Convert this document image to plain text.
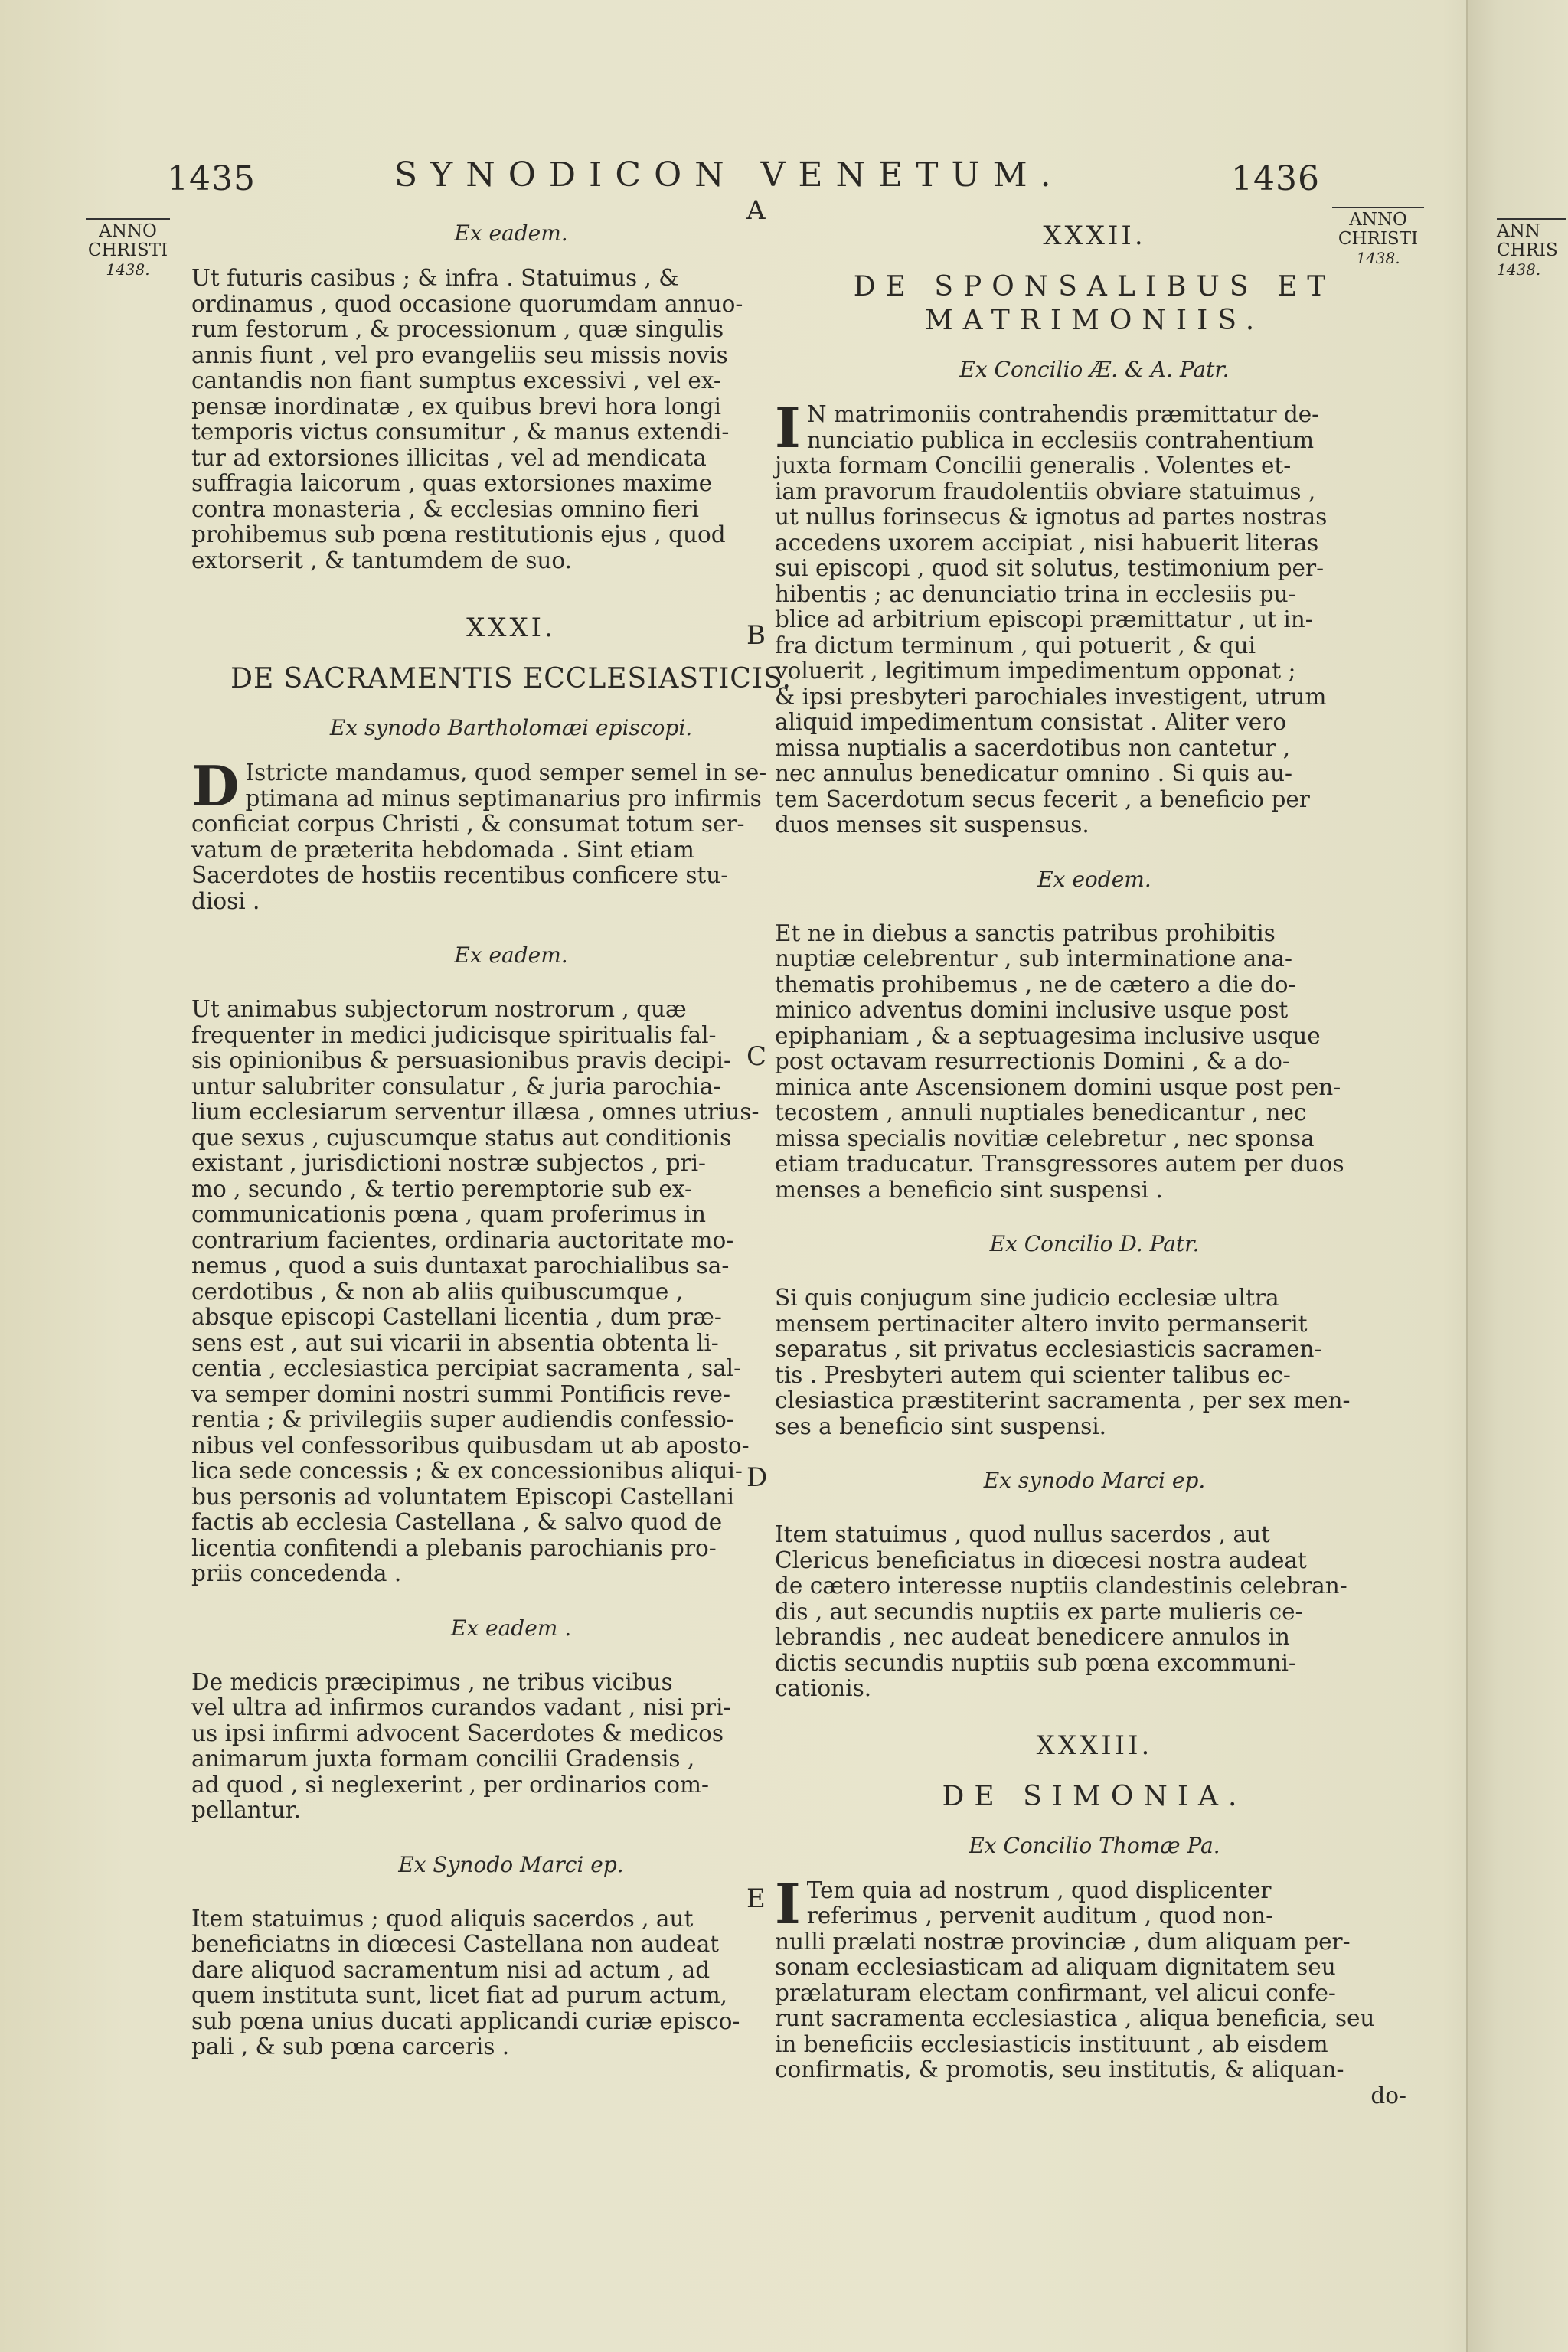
1435	SYNODICON VENETUM.	1436
ANNO
CHRISTI
1438.
ANNO
CHRISTI
1438.
ANN
CHRIS
1438.
A
B
C
D
E
Ex eadem.
Ut futuris casibus ; & infra . Statuimus , &
ordinamus , quod occasione quorumdam annuo-
rum festorum , & processionum , quæ singulis
annis fiunt , vel pro evangeliis seu missis novis
cantandis non fiant sumptus excessivi , vel ex-
pensæ inordinatæ , ex quibus brevi hora longi
temporis victus consumitur , & manus extendi-
tur ad extorsiones illicitas , vel ad mendicata
suffragia laicorum , quas extorsiones maxime
contra monasteria , & ecclesias omnino fieri
prohibemus sub pœna restitutionis ejus , quod
extorserit , & tantumdem de suo.
XXXI.
DE SACRAMENTIS ECCLESIASTICIS.
Ex synodo Bartholomæi episcopi.
D Istricte mandamus, quod semper semel in se-
ptimana ad minus septimanarius pro infirmis
conficiat corpus Christi , & consumat totum ser-
vatum de præterita hebdomada . Sint etiam
Sacerdotes de hostiis recentibus conficere stu-
diosi .
Ex eadem.
Ut animabus subjectorum nostrorum , quæ
frequenter in medici judicisque spiritualis fal-
sis opinionibus & persuasionibus pravis decipi-
untur salubriter consulatur , & juria parochia-
lium ecclesiarum serventur illæsa , omnes utrius-
que sexus , cujuscumque status aut conditionis
existant , jurisdictioni nostræ subjectos , pri-
mo , secundo , & tertio peremptorie sub ex-
communicationis pœna , quam proferimus in
contrarium facientes, ordinaria auctoritate mo-
nemus , quod a suis duntaxat parochialibus sa-
cerdotibus , & non ab aliis quibuscumque ,
absque episcopi Castellani licentia , dum præ-
sens est , aut sui vicarii in absentia obtenta li-
centia , ecclesiastica percipiat sacramenta , sal-
va semper domini nostri summi Pontificis reve-
rentia ; & privilegiis super audiendis confessio-
nibus vel confessoribus quibusdam ut ab aposto-
lica sede concessis ; & ex concessionibus aliqui-
bus personis ad voluntatem Episcopi Castellani
factis ab ecclesia Castellana , & salvo quod de
licentia confitendi a plebanis parochianis pro-
priis concedenda .
Ex eadem .
De medicis præcipimus , ne tribus vicibus
vel ultra ad infirmos curandos vadant , nisi pri-
us ipsi infirmi advocent Sacerdotes & medicos
animarum juxta formam concilii Gradensis ,
ad quod , si neglexerint , per ordinarios com-
pellantur.
Ex Synodo Marci ep.
Item statuimus ; quod aliquis sacerdos , aut
beneficiatns in diœcesi Castellana non audeat
dare aliquod sacramentum nisi ad actum , ad
quem instituta sunt, licet fiat ad purum actum,
sub pœna unius ducati applicandi curiæ episco-
pali , & sub pœna carceris .
XXXII.
DE SPONSALIBUS ET
MATRIMONIIS.
Ex Concilio Æ. & A. Patr.
I N matrimoniis contrahendis præmittatur de-
nunciatio publica in ecclesiis contrahentium
juxta formam Concilii generalis . Volentes et-
iam pravorum fraudolentiis obviare statuimus ,
ut nullus forinsecus & ignotus ad partes nostras
accedens uxorem accipiat , nisi habuerit literas
sui episcopi , quod sit solutus, testimonium per-
hibentis ; ac denunciatio trina in ecclesiis pu-
blice ad arbitrium episcopi præmittatur , ut in-
fra dictum terminum , qui potuerit , & qui
voluerit , legitimum impedimentum opponat ;
& ipsi presbyteri parochiales investigent, utrum
aliquid impedimentum consistat . Aliter vero
missa nuptialis a sacerdotibus non cantetur ,
nec annulus benedicatur omnino . Si quis au-
tem Sacerdotum secus fecerit , a beneficio per
duos menses sit suspensus.
Ex eodem.
Et ne in diebus a sanctis patribus prohibitis
nuptiæ celebrentur , sub interminatione ana-
thematis prohibemus , ne de cætero a die do-
minico adventus domini inclusive usque post
epiphaniam , & a septuagesima inclusive usque
post octavam resurrectionis Domini , & a do-
minica ante Ascensionem domini usque post pen-
tecostem , annuli nuptiales benedicantur , nec
missa specialis novitiæ celebretur , nec sponsa
etiam traducatur. Transgressores autem per duos
menses a beneficio sint suspensi .
Ex Concilio D. Patr.
Si quis conjugum sine judicio ecclesiæ ultra
mensem pertinaciter altero invito permanserit
separatus , sit privatus ecclesiasticis sacramen-
tis . Presbyteri autem qui scienter talibus ec-
clesiastica præstiterint sacramenta , per sex men-
ses a beneficio sint suspensi.
Ex synodo Marci ep.
Item statuimus , quod nullus sacerdos , aut
Clericus beneficiatus in diœcesi nostra audeat
de cætero interesse nuptiis clandestinis celebran-
dis , aut secundis nuptiis ex parte mulieris ce-
lebrandis , nec audeat benedicere annulos in
dictis secundis nuptiis sub pœna excommuni-
cationis.
XXXIII.
DE SIMONIA.
Ex Concilio Thomæ Pa.
I Tem quia ad nostrum , quod displicenter
referimus , pervenit auditum , quod non-
nulli prælati nostræ provinciæ , dum aliquam per-
sonam ecclesiasticam ad aliquam dignitatem seu
prælaturam electam confirmant, vel alicui confe-
runt sacramenta ecclesiastica , aliqua beneficia, seu
in beneficiis ecclesiasticis instituunt , ab eisdem
confirmatis, & promotis, seu institutis, & aliquan-
do-
